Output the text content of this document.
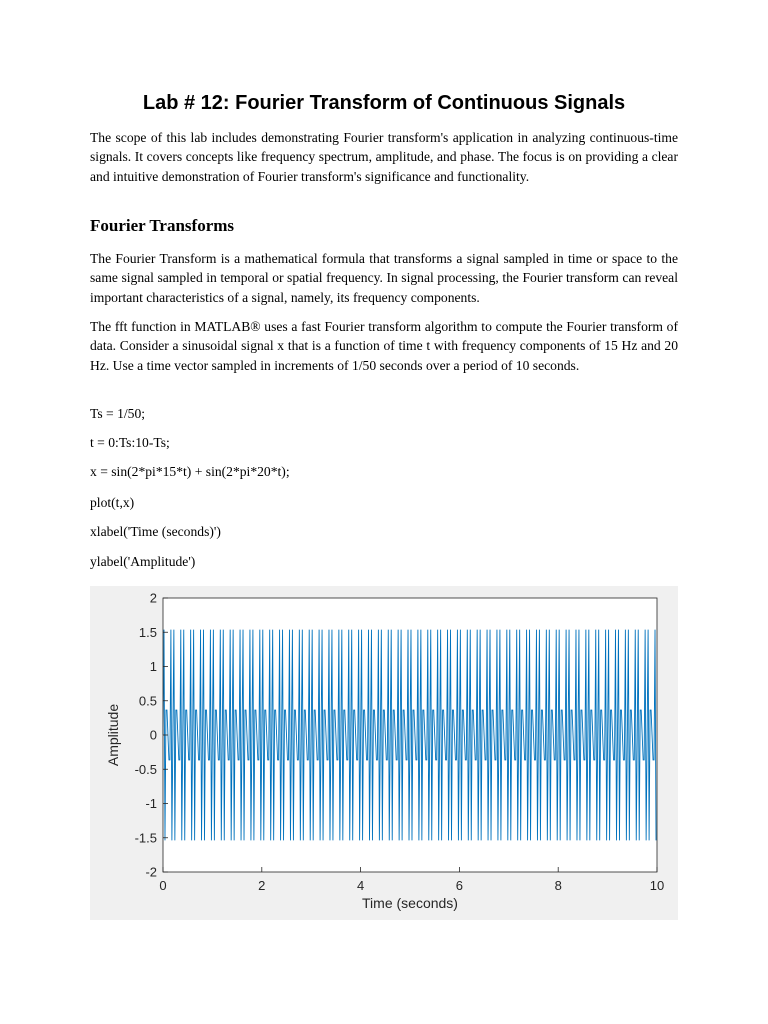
Lab # 12: Fourier Transform of Continuous Signals

The scope of this lab includes demonstrating Fourier transform's application in analyzing continuous-time signals. It covers concepts like frequency spectrum, amplitude, and phase. The focus is on providing a clear and intuitive demonstration of Fourier transform's significance and functionality.

Fourier Transforms

The Fourier Transform is a mathematical formula that transforms a signal sampled in time or space to the same signal sampled in temporal or spatial frequency. In signal processing, the Fourier transform can reveal important characteristics of a signal, namely, its frequency components.

The fft function in MATLAB® uses a fast Fourier transform algorithm to compute the Fourier transform of data. Consider a sinusoidal signal x that is a function of time t with frequency components of 15 Hz and 20 Hz. Use a time vector sampled in increments of 1/50 seconds over a period of 10 seconds.

Ts = 1/50;

t = 0:Ts:10-Ts;

x = sin(2*pi*15*t) + sin(2*pi*20*t);

plot(t,x)

xlabel('Time (seconds)')

ylabel('Amplitude')

2
1.5
1
0.5
0
-0.5
-1
-1.5
-2
0	2	4	6	8	10
Time (seconds)
Amplitude
